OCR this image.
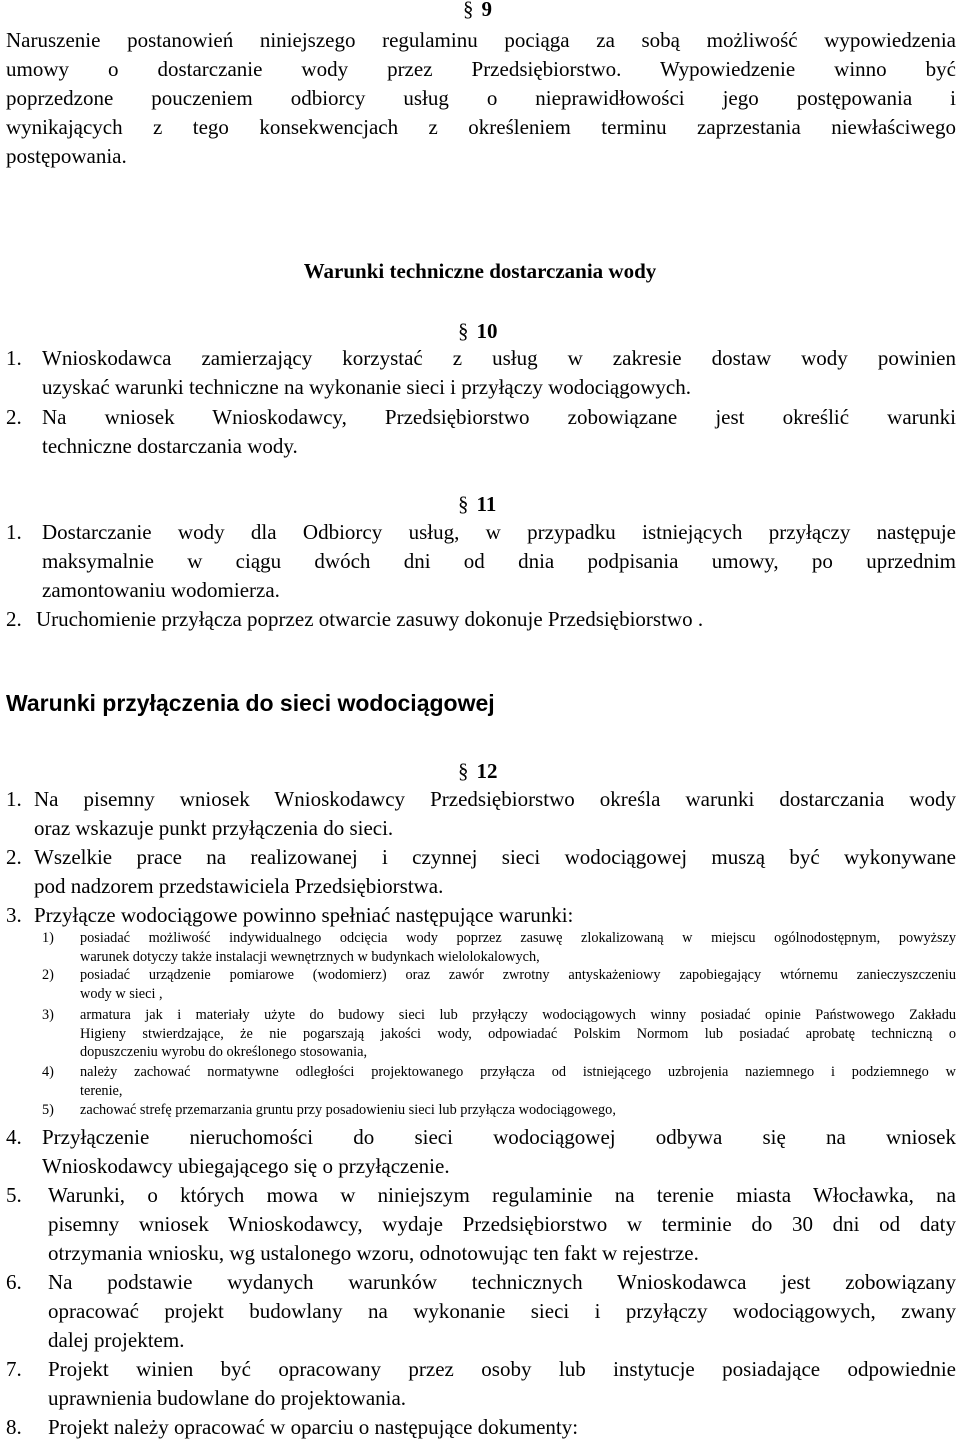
§ 9
Naruszenie postanowień niniejszego regulaminu pociąga za sobą możliwość wypowiedzenia
umowy o dostarczanie wody przez Przedsiębiorstwo. Wypowiedzenie winno być
poprzedzone pouczeniem odbiorcy usług o nieprawidłowości jego postępowania i
wynikających z tego konsekwencjach z określeniem terminu zaprzestania niewłaściwego
postępowania.
Warunki techniczne dostarczania wody
§ 10
1. Wnioskodawca zamierzający korzystać z usług w zakresie dostaw wody powinien
uzyskać warunki techniczne na wykonanie sieci i przyłączy wodociągowych.
2. Na wniosek Wnioskodawcy, Przedsiębiorstwo zobowiązane jest określić warunki
techniczne dostarczania wody.
§ 11
1. Dostarczanie wody dla Odbiorcy usług, w przypadku istniejących przyłączy następuje
maksymalnie w ciągu dwóch dni od dnia podpisania umowy, po uprzednim
zamontowaniu wodomierza.
2. Uruchomienie przyłącza poprzez otwarcie zasuwy dokonuje Przedsiębiorstwo .
Warunki przyłączenia do sieci wodociągowej
§ 12
1. Na pisemny wniosek Wnioskodawcy Przedsiębiorstwo określa warunki dostarczania wody
oraz wskazuje punkt przyłączenia do sieci.
2. Wszelkie prace na realizowanej i czynnej sieci wodociągowej muszą być wykonywane
pod nadzorem przedstawiciela Przedsiębiorstwa.
3. Przyłącze wodociągowe powinno spełniać następujące warunki:
1)	posiadać możliwość indywidualnego odcięcia wody poprzez zasuwę zlokalizowaną w miejscu ogólnodostępnym, powyższy
warunek dotyczy także instalacji wewnętrznych w budynkach wielolokalowych,
2)	posiadać urządzenie pomiarowe (wodomierz) oraz zawór zwrotny antyskażeniowy zapobiegający wtórnemu zanieczyszczeniu
wody w sieci ,
3)	armatura jak i materiały użyte do budowy sieci lub przyłączy wodociągowych winny posiadać opinie Państwowego Zakładu
Higieny stwierdzające, że nie pogarszają jakości wody, odpowiadać Polskim Normom lub posiadać aprobatę techniczną o
dopuszczeniu wyrobu do określonego stosowania,
4)	należy zachować normatywne odległości projektowanego przyłącza od istniejącego uzbrojenia naziemnego i podziemnego w
terenie,
5)	zachować strefę przemarzania gruntu przy posadowieniu sieci lub przyłącza wodociągowego,
4. Przyłączenie nieruchomości do sieci wodociągowej odbywa się na wniosek
Wnioskodawcy ubiegającego się o przyłączenie.
5.	Warunki, o których mowa w niniejszym regulaminie na terenie miasta Włocławka, na
pisemny wniosek Wnioskodawcy, wydaje Przedsiębiorstwo w terminie do 30 dni od daty
otrzymania wniosku, wg ustalonego wzoru, odnotowując ten fakt w rejestrze.
6.	Na podstawie wydanych warunków technicznych Wnioskodawca jest zobowiązany
opracować projekt budowlany na wykonanie sieci i przyłączy wodociągowych, zwany
dalej projektem.
7.	Projekt winien być opracowany przez osoby lub instytucje posiadające odpowiednie
uprawnienia budowlane do projektowania.
8.	Projekt należy opracować w oparciu o następujące dokumenty:
